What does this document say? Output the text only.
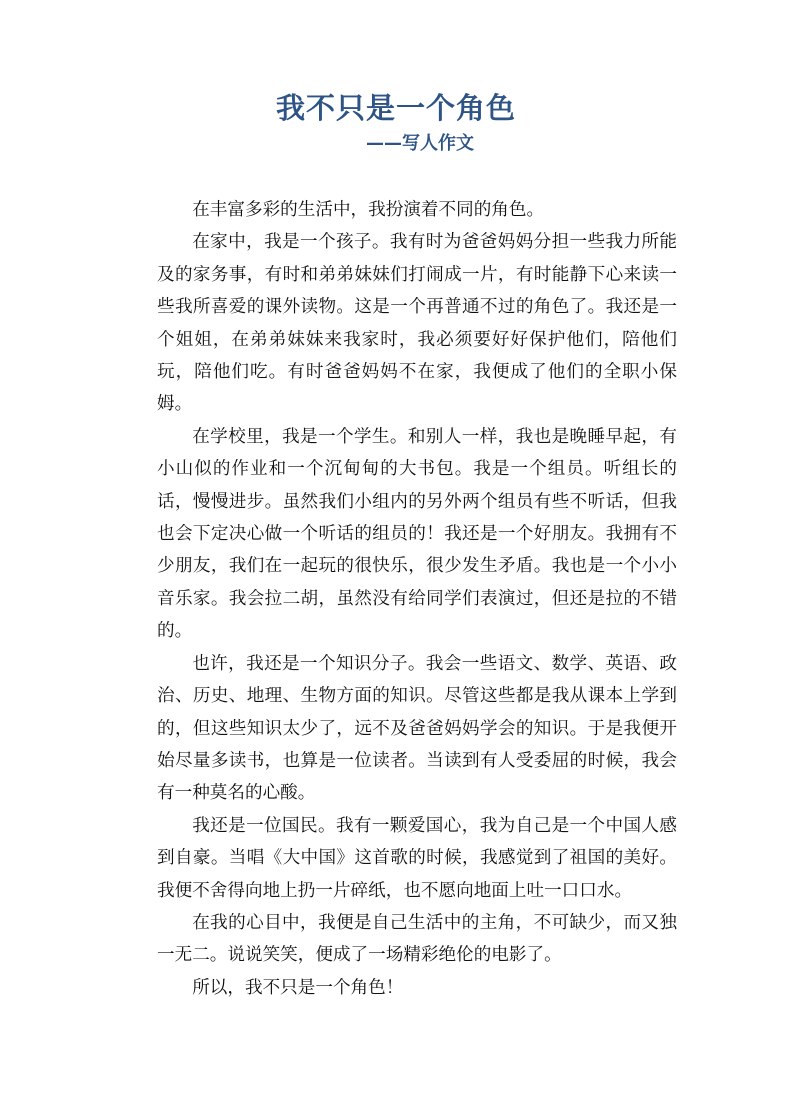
我不只是一个角色
——写人作文

在丰富多彩的生活中，我扮演着不同的角色。

在家中，我是一个孩子。我有时为爸爸妈妈分担一些我力所能及的家务事，有时和弟弟妹妹们打闹成一片，有时能静下心来读一些我所喜爱的课外读物。这是一个再普通不过的角色了。我还是一个姐姐，在弟弟妹妹来我家时，我必须要好好保护他们，陪他们玩，陪他们吃。有时爸爸妈妈不在家，我便成了他们的全职小保姆。

在学校里，我是一个学生。和别人一样，我也是晚睡早起，有小山似的作业和一个沉甸甸的大书包。我是一个组员。听组长的话，慢慢进步。虽然我们小组内的另外两个组员有些不听话，但我也会下定决心做一个听话的组员的！我还是一个好朋友。我拥有不少朋友，我们在一起玩的很快乐，很少发生矛盾。我也是一个小小音乐家。我会拉二胡，虽然没有给同学们表演过，但还是拉的不错的。

也许，我还是一个知识分子。我会一些语文、数学、英语、政治、历史、地理、生物方面的知识。尽管这些都是我从课本上学到的，但这些知识太少了，远不及爸爸妈妈学会的知识。于是我便开始尽量多读书，也算是一位读者。当读到有人受委屈的时候，我会有一种莫名的心酸。

我还是一位国民。我有一颗爱国心，我为自己是一个中国人感到自豪。当唱《大中国》这首歌的时候，我感觉到了祖国的美好。我便不舍得向地上扔一片碎纸，也不愿向地面上吐一口口水。

在我的心目中，我便是自己生活中的主角，不可缺少，而又独一无二。说说笑笑，便成了一场精彩绝伦的电影了。

所以，我不只是一个角色！
